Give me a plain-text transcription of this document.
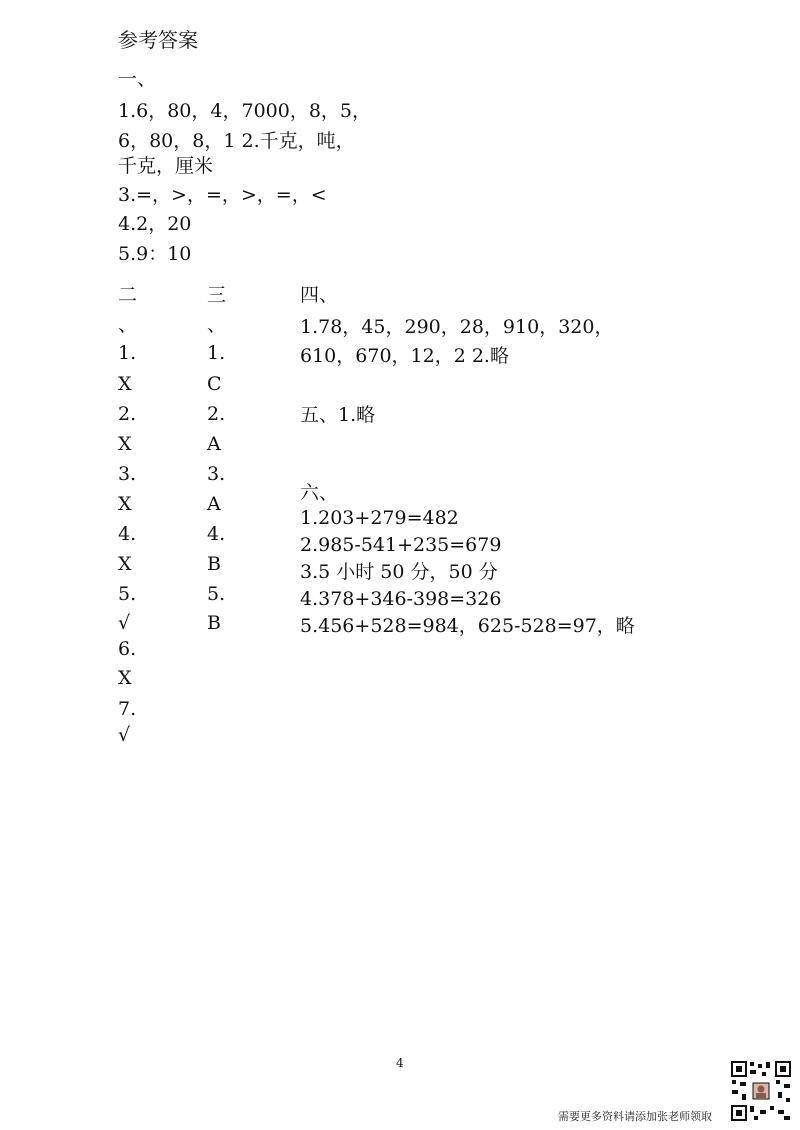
参考答案
一、
1.6，80，4，7000，8，5，
6，80，8，1 2.千克，吨，
千克，厘米
3.=，>，=，>，=，<
4.2，20
5.9：10
二
、
1.
X
2.
X
3.
X
4.
X
5.
√
6.
X
7.
√
三
、
1.
C
2.
A
3.
A
4.
B
5.
B
四、
1.78，45，290，28，910，320，
610，670，12，2 2.略
五、1.略
六、
1.203+279=482
2.985-541+235=679
3.5 小时 50 分，50 分
4.378+346-398=326
5.456+528=984，625-528=97，略
4
需要更多资料请添加张老师领取
